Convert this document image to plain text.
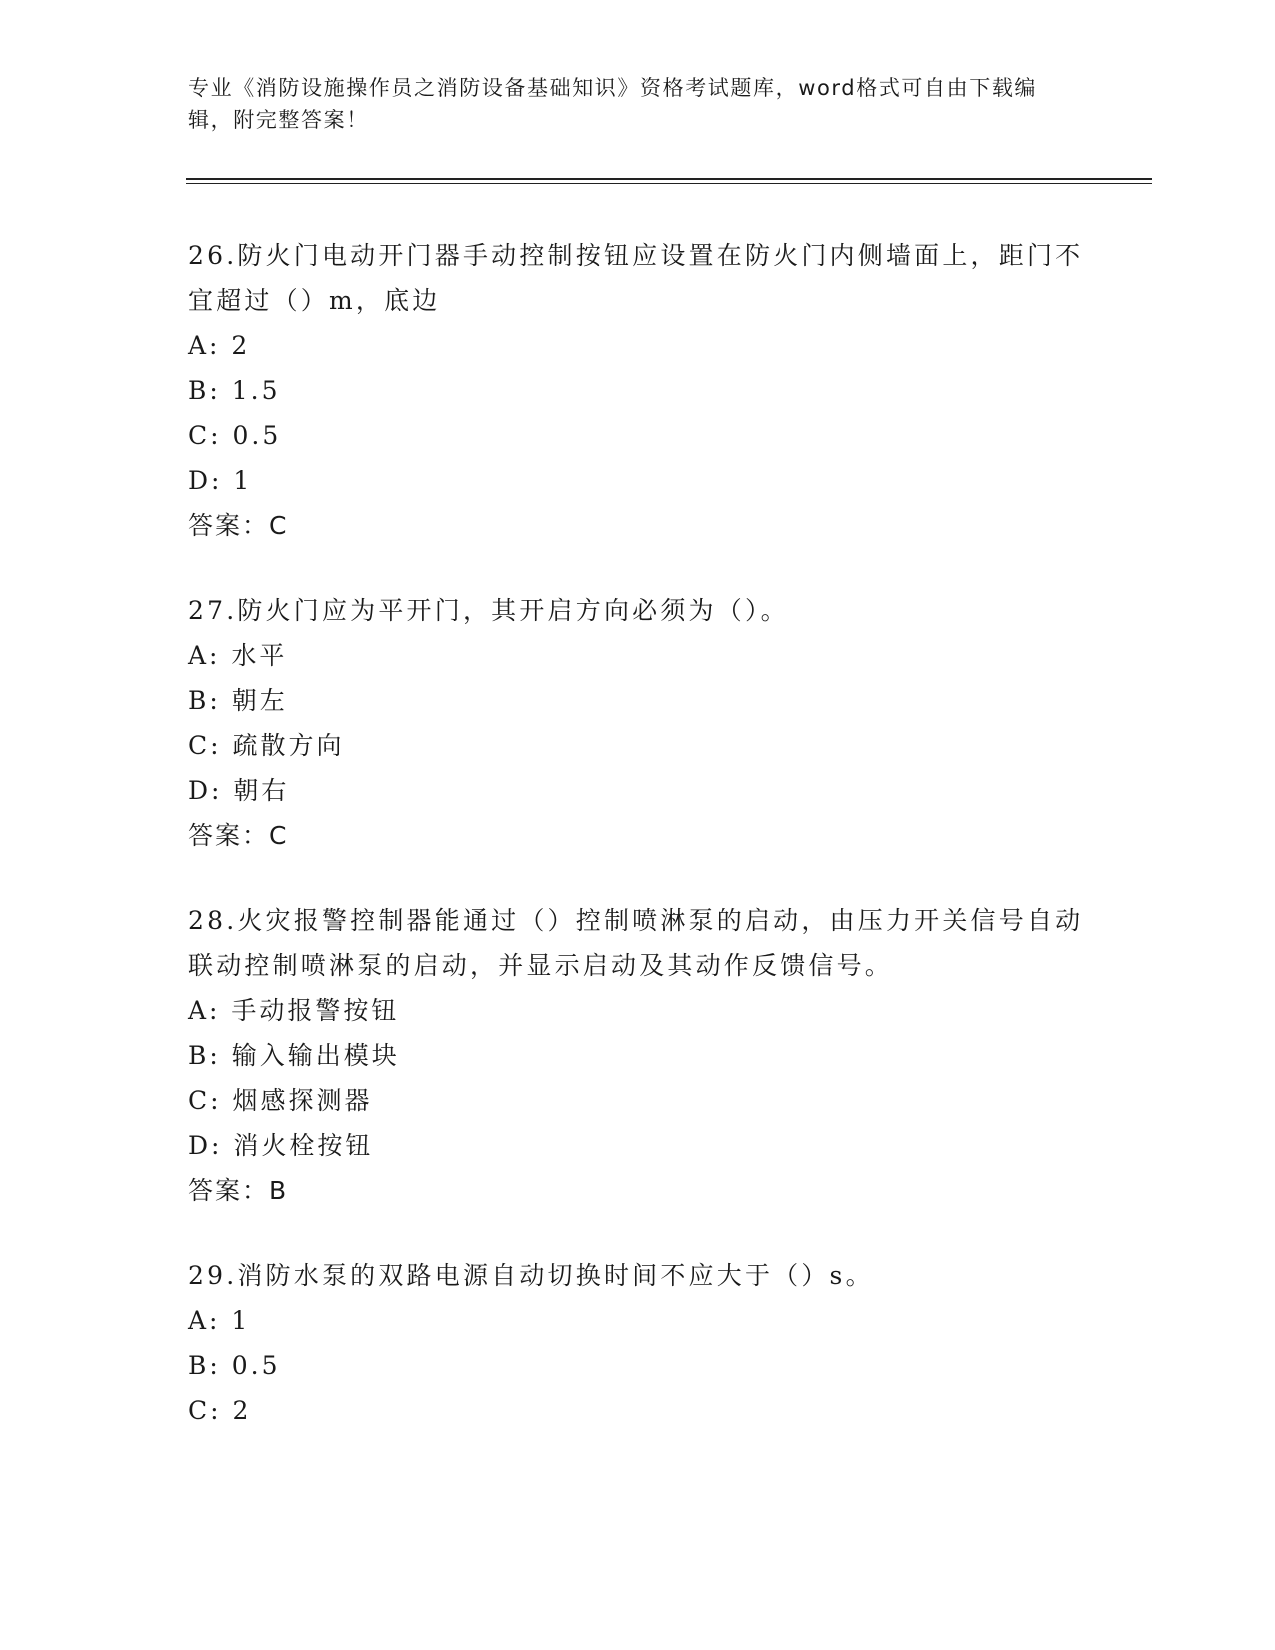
专业《消防设施操作员之消防设备基础知识》资格考试题库，word格式可自由下载编辑，附完整答案！

26.防火门电动开门器手动控制按钮应设置在防火门内侧墙面上，距门不宜超过（）m，底边

A: 2
B: 1.5
C: 0.5
D: 1
答案：C

27.防火门应为平开门，其开启方向必须为（）。

A: 水平
B: 朝左
C: 疏散方向
D: 朝右
答案：C

28.火灾报警控制器能通过（）控制喷淋泵的启动，由压力开关信号自动联动控制喷淋泵的启动，并显示启动及其动作反馈信号。

A: 手动报警按钮
B: 输入输出模块
C: 烟感探测器
D: 消火栓按钮
答案：B

29.消防水泵的双路电源自动切换时间不应大于（）s。

A: 1
B: 0.5
C: 2
